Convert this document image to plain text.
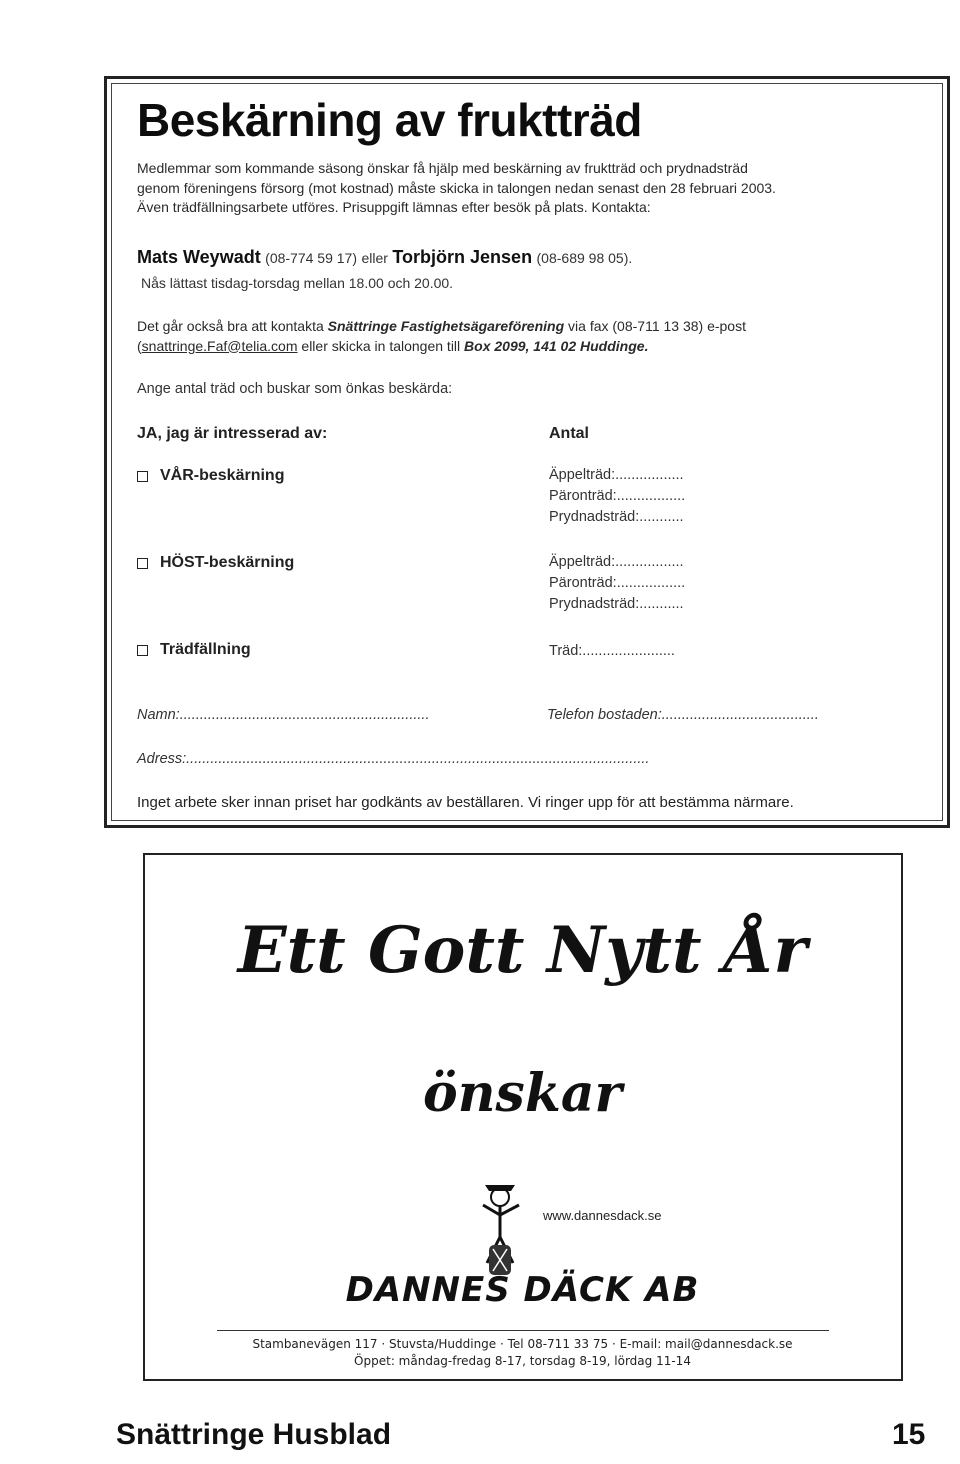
Beskärning av fruktträd
Medlemmar som kommande säsong önskar få hjälp med beskärning av fruktträd och prydnadsträd
genom föreningens försorg (mot kostnad) måste skicka in talongen nedan senast den 28 februari 2003.
Även trädfällningsarbete utföres. Prisuppgift lämnas efter besök på plats. Kontakta:
Mats Weywadt (08-774 59 17) eller Torbjörn Jensen (08-689 98 05).
Nås lättast tisdag-torsdag mellan 18.00 och 20.00.
Det går också bra att kontakta Snättringe Fastighetsägareförening via fax (08-711 13 38) e-post
(snattringe.Faf@telia.com eller skicka in talongen till Box 2099, 141 02 Huddinge.
Ange antal träd och buskar som önkas beskärda:
JA, jag är intresserad av:	Antal
VÅR-beskärning	Äppelträd:.................
Päronträd:.................
Prydnadsträd:...........
HÖST-beskärning	Äppelträd:.................
Päronträd:.................
Prydnadsträd:...........
Trädfällning	Träd:.......................
Namn:..............................................................	Telefon bostaden:.......................................
Adress:...................................................................................................................
Inget arbete sker innan priset har godkänts av beställaren. Vi ringer upp för att bestämma närmare.
Ett Gott Nytt År
önskar
www.dannesdack.se
DANNES DÄCK AB
Stambanevägen 117 · Stuvsta/Huddinge · Tel 08-711 33 75 · E-mail: mail@dannesdack.se
Öppet: måndag-fredag 8-17, torsdag 8-19, lördag 11-14
Snättringe Husblad	15
